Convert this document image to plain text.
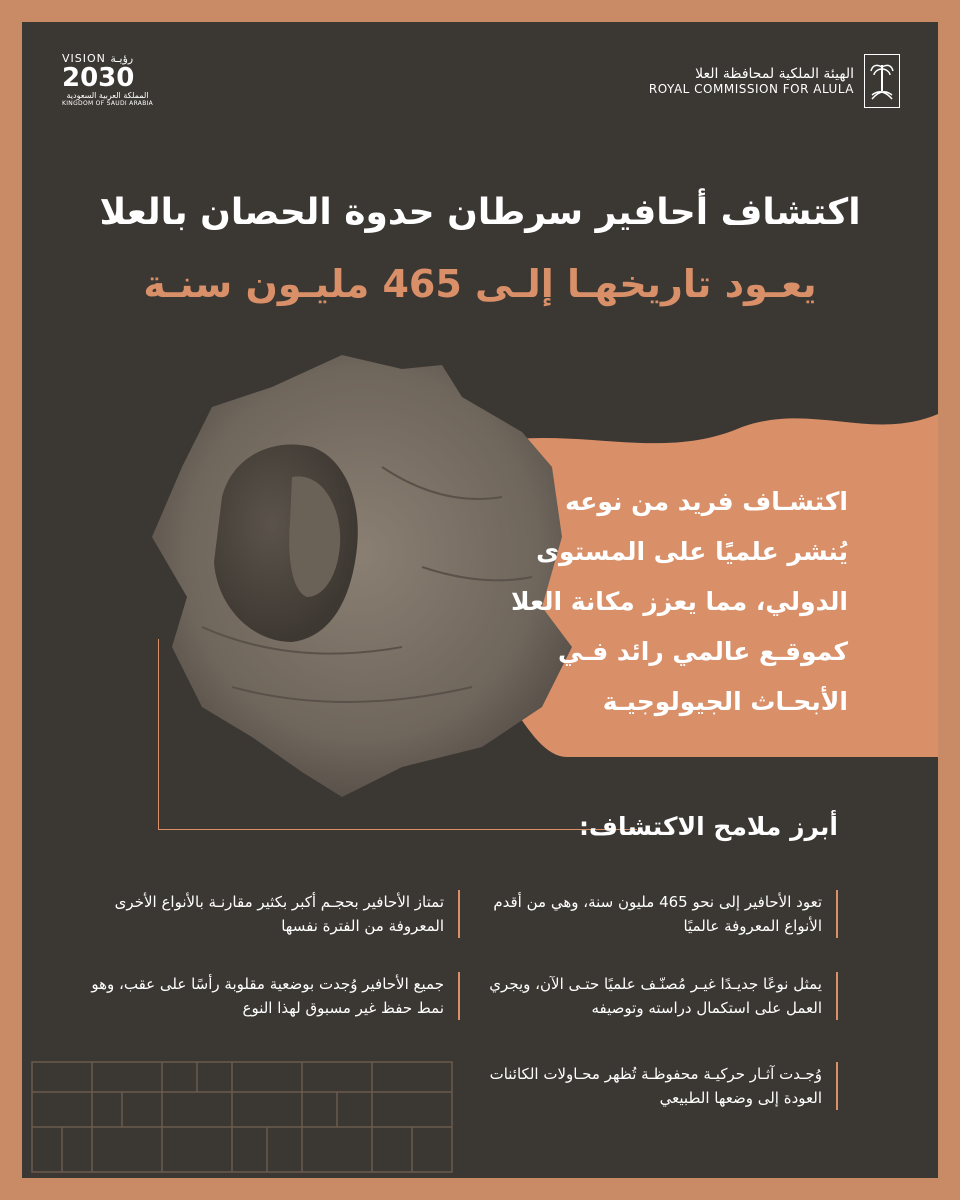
VISION رؤيـة
2030
المملكة العربية السعودية
KINGDOM OF SAUDI ARABIA
الهيئة الملكية لمحافظة العلا
ROYAL COMMISSION FOR ALULA
اكتشاف أحافير سرطان حدوة الحصان بالعلا
يعـود تاريخهـا إلـى 465 مليـون سنـة
اكتشـاف فريد من نوعه
يُنشر علميًا على المستوى
الدولي، مما يعزز مكانة العلا
كموقـع عالمي رائد فـي
الأبحـاث الجيولوجيـة
أبرز ملامح الاكتشاف:
تعود الأحافير إلى نحو 465 مليون سنة، وهي من أقدم الأنواع المعروفة عالميًا
تمتاز الأحافير بحجـم أكبر بكثير مقارنـة بالأنواع الأخرى المعروفة من الفترة نفسها
يمثل نوعًا جديـدًا غيـر مُصنّـف علميًا حتـى الآن، ويجري العمل على استكمال دراسته وتوصيفه
جميع الأحافير وُجدت بوضعية مقلوبة رأسًا على عقب، وهو نمط حفظ غير مسبوق لهذا النوع
وُجـدت آثـار حركيـة محفوظـة تُظهر محـاولات الكائنات العودة إلى وضعها الطبيعي
